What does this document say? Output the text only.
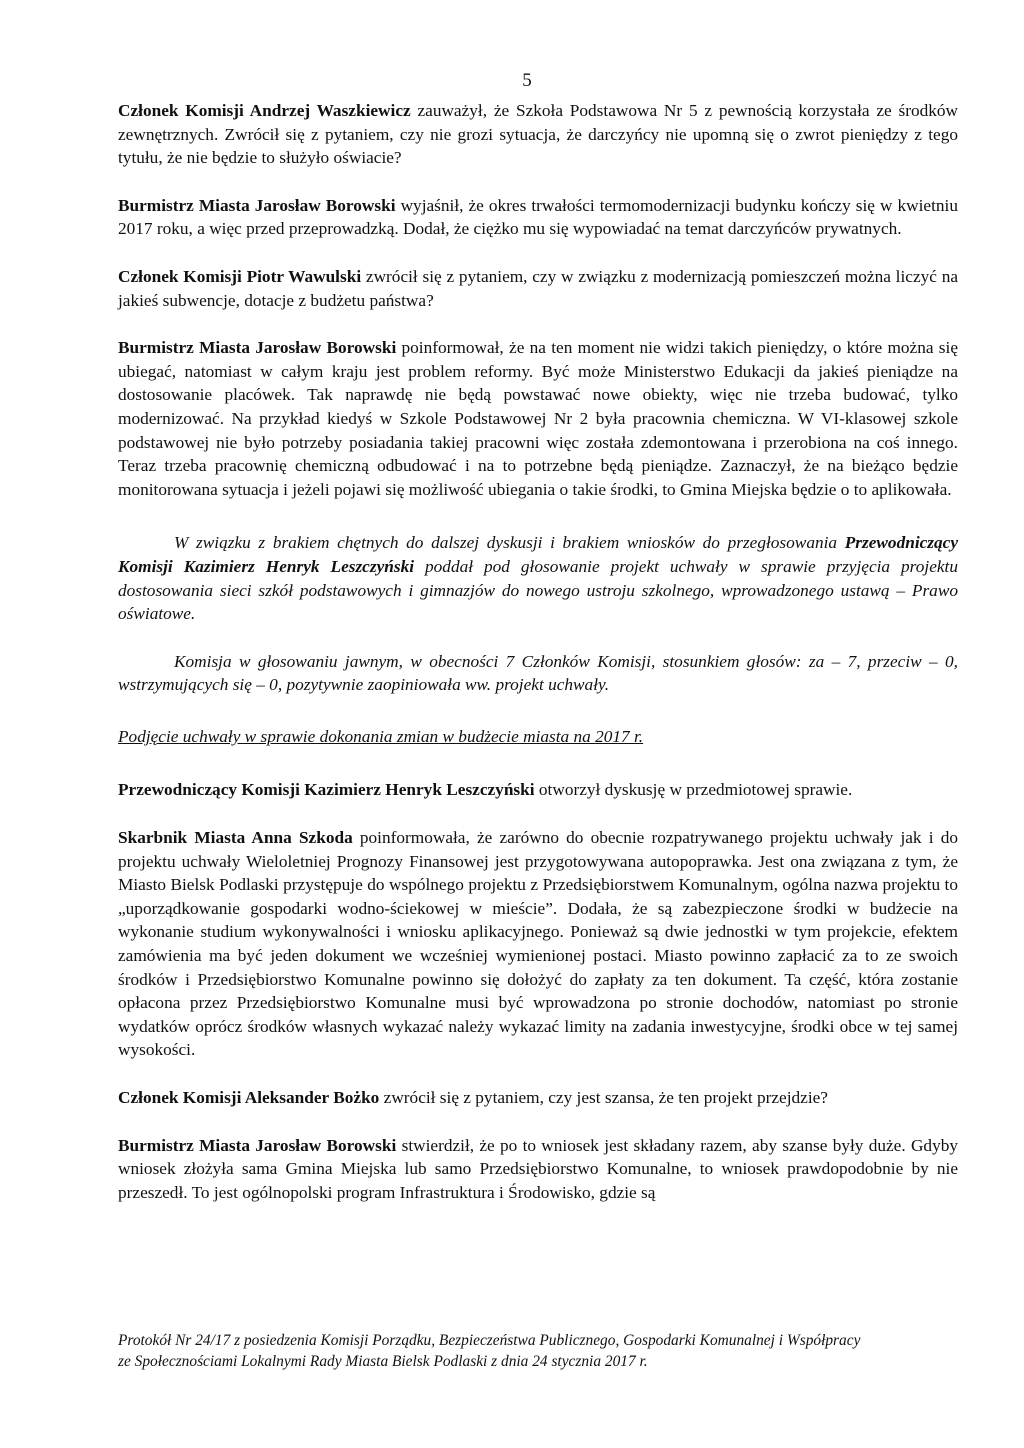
5

Członek Komisji Andrzej Waszkiewicz zauważył, że Szkoła Podstawowa Nr 5 z pewnością korzystała ze środków zewnętrznych. Zwrócił się z pytaniem, czy nie grozi sytuacja, że darczyńcy nie upomną się o zwrot pieniędzy z tego tytułu, że nie będzie to służyło oświacie?

Burmistrz Miasta Jarosław Borowski wyjaśnił, że okres trwałości termomodernizacji budynku kończy się w kwietniu 2017 roku, a więc przed przeprowadzką. Dodał, że ciężko mu się wypowiadać na temat darczyńców prywatnych.

Członek Komisji Piotr Wawulski zwrócił się z pytaniem, czy w związku z modernizacją pomieszczeń można liczyć na jakieś subwencje, dotacje z budżetu państwa?

Burmistrz Miasta Jarosław Borowski poinformował, że na ten moment nie widzi takich pieniędzy, o które można się ubiegać, natomiast w całym kraju jest problem reformy. Być może Ministerstwo Edukacji da jakieś pieniądze na dostosowanie placówek. Tak naprawdę nie będą powstawać nowe obiekty, więc nie trzeba budować, tylko modernizować. Na przykład kiedyś w Szkole Podstawowej Nr 2 była pracownia chemiczna. W VI-klasowej szkole podstawowej nie było potrzeby posiadania takiej pracowni więc została zdemontowana i przerobiona na coś innego. Teraz trzeba pracownię chemiczną odbudować i na to potrzebne będą pieniądze. Zaznaczył, że na bieżąco będzie monitorowana sytuacja i jeżeli pojawi się możliwość ubiegania o takie środki, to Gmina Miejska będzie o to aplikowała.

W związku z brakiem chętnych do dalszej dyskusji i brakiem wniosków do przegłosowania Przewodniczący Komisji Kazimierz Henryk Leszczyński poddał pod głosowanie projekt uchwały w sprawie przyjęcia projektu dostosowania sieci szkół podstawowych i gimnazjów do nowego ustroju szkolnego, wprowadzonego ustawą – Prawo oświatowe.

Komisja w głosowaniu jawnym, w obecności 7 Członków Komisji, stosunkiem głosów: za – 7, przeciw – 0, wstrzymujących się – 0, pozytywnie zaopiniowała ww. projekt uchwały.

Podjęcie uchwały w sprawie dokonania zmian w budżecie miasta na 2017 r.

Przewodniczący Komisji Kazimierz Henryk Leszczyński otworzył dyskusję w przedmiotowej sprawie.

Skarbnik Miasta Anna Szkoda poinformowała, że zarówno do obecnie rozpatrywanego projektu uchwały jak i do projektu uchwały Wieloletniej Prognozy Finansowej jest przygotowywana autopoprawka. Jest ona związana z tym, że Miasto Bielsk Podlaski przystępuje do wspólnego projektu z Przedsiębiorstwem Komunalnym, ogólna nazwa projektu to „uporządkowanie gospodarki wodno-ściekowej w mieście”. Dodała, że są zabezpieczone środki w budżecie na wykonanie studium wykonywalności i wniosku aplikacyjnego. Ponieważ są dwie jednostki w tym projekcie, efektem zamówienia ma być jeden dokument we wcześniej wymienionej postaci. Miasto powinno zapłacić za to ze swoich środków i Przedsiębiorstwo Komunalne powinno się dołożyć do zapłaty za ten dokument. Ta część, która zostanie opłacona przez Przedsiębiorstwo Komunalne musi być wprowadzona po stronie dochodów, natomiast po stronie wydatków oprócz środków własnych wykazać należy wykazać limity na zadania inwestycyjne, środki obce w tej samej wysokości.

Członek Komisji Aleksander Bożko zwrócił się z pytaniem, czy jest szansa, że ten projekt przejdzie?

Burmistrz Miasta Jarosław Borowski stwierdził, że po to wniosek jest składany razem, aby szanse były duże. Gdyby wniosek złożyła sama Gmina Miejska lub samo Przedsiębiorstwo Komunalne, to wniosek prawdopodobnie by nie przeszedł. To jest ogólnopolski program Infrastruktura i Środowisko, gdzie są

Protokół Nr 24/17 z posiedzenia Komisji Porządku, Bezpieczeństwa Publicznego, Gospodarki Komunalnej i Współpracy
ze Społecznościami Lokalnymi Rady Miasta Bielsk Podlaski z dnia 24 stycznia 2017 r.
